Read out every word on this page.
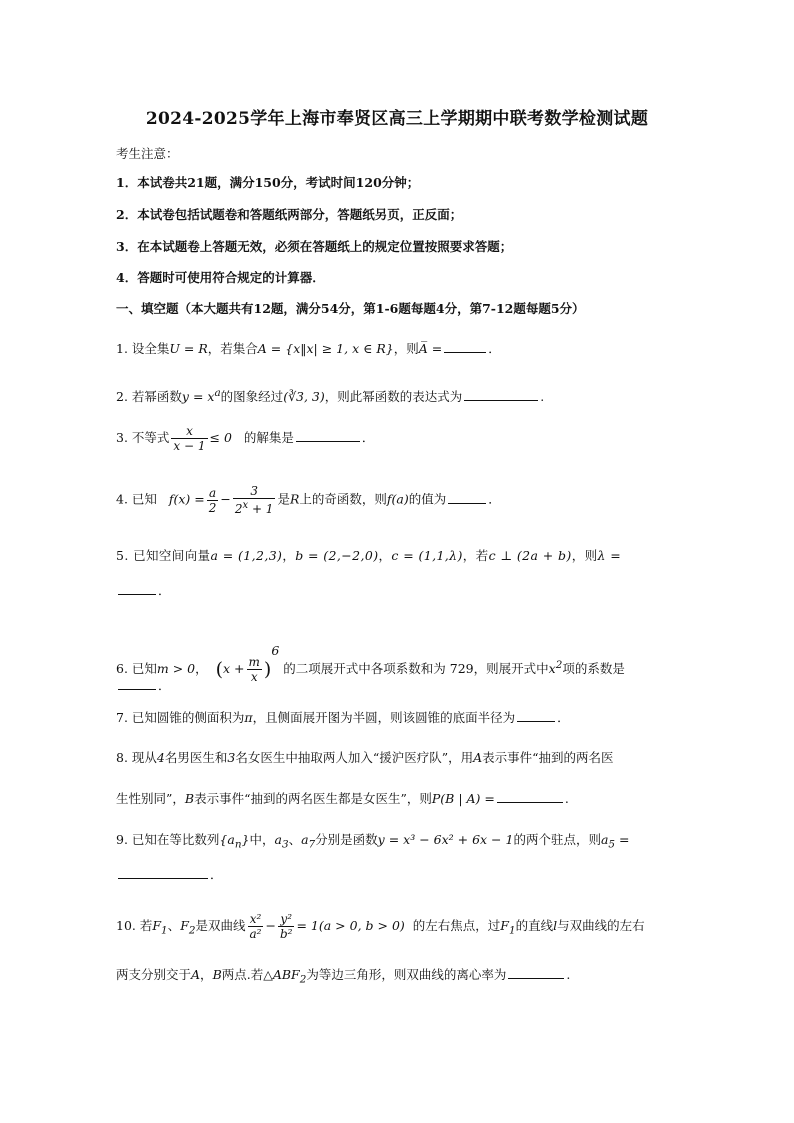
2024-2025学年上海市奉贤区高三上学期期中联考数学检测试题
考生注意：
1．本试卷共21题，满分150分，考试时间120分钟；
2．本试卷包括试题卷和答题纸两部分，答题纸另页，正反面；
3．在本试题卷上答题无效，必须在答题纸上的规定位置按照要求答题；
4．答题时可使用符合规定的计算器．
一、填空题（本大题共有12题，满分54分，第1-6题每题4分，第7-12题每题5分）
1. 设全集U = R，若集合A = {x‖x| ≥ 1, x ∈ R}，则A̅ =	．
2. 若幂函数$y = x^a$的图象经过(∛3, 3)，则此幂函数的表达式为	.
3. 不等式 $\frac{x}{x - 1} \le 0$ 的解集是	．
4. 已知 $f(x) = \frac{a}{2} - \frac{3}{2^x + 1}$ 是R上的奇函数，则f(a)的值为	．
5. 已知空间向量a = (1,2,3)，b = (2,−2,0)，c = (1,1,λ)，若c ⊥ (2a + b)，则λ =
．
6. 已知m > 0， $(x + \frac{m}{x} )^6$ 的二项展开式中各项系数和为 729，则展开式中$x^2$项的系数是
．
7. 已知圆锥的侧面积为π，且侧面展开图为半圆，则该圆锥的底面半径为	．
8. 现从4名男医生和3名女医生中抽取两人加入“援沪医疗队”，用A表示事件“抽到的两名医
生性别同”，B表示事件“抽到的两名医生都是女医生”，则P(B | A) =	.
9. 已知在等比数列$\{a_n\}$中，$a_3$、$a_7$分别是函数y = x³ − 6x² + 6x − 1的两个驻点，则$a_5$ =
．
10. 若$F_1$、$F_2$是双曲线 $\frac{\text{x²}}{\text{a²}} - \frac{\text{y²}}{\text{b²}} = 1(a > 0$, b > 0) 的左右焦点，过$F_1$的直线l与双曲线的左右
两支分别交于A，B两点.若$\triangle ABF_2$为等边三角形，则双曲线的离心率为	.
